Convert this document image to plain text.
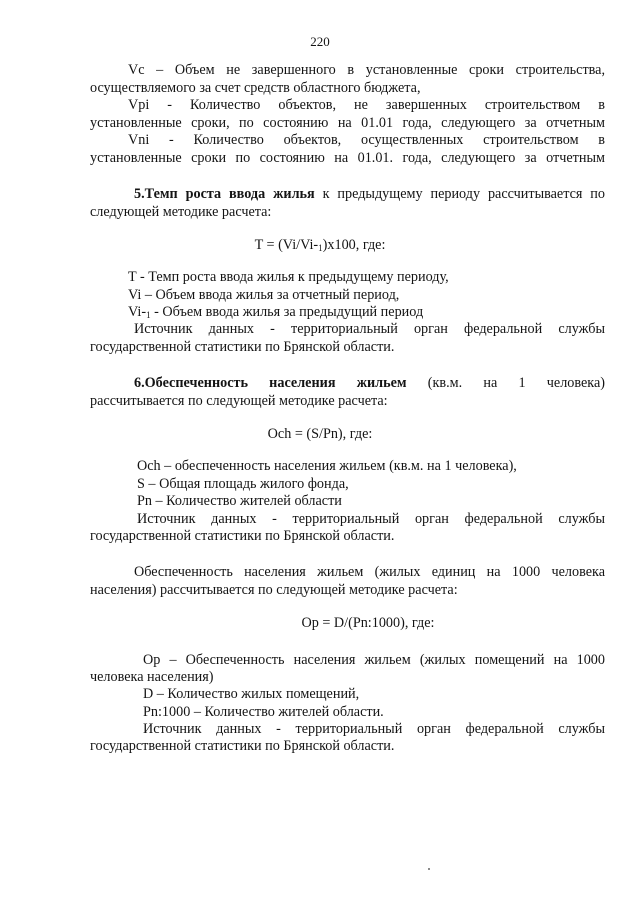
220
Vc – Объем не завершенного в установленные сроки строительства,
осуществляемого за счет средств областного бюджета,
Vpi - Количество объектов, не завершенных строительством в
установленные сроки, по состоянию на 01.01 года, следующего за отчетным
Vni - Количество объектов, осуществленных строительством в
установленные сроки по состоянию на 01.01. года, следующего за отчетным
5.Темп роста ввода жилья к предыдущему периоду рассчитывается по
следующей методике расчета:
$T = (Vi/Vi-_1)x100$, где:
T - Темп роста ввода жилья к предыдущему периоду,
Vi – Объем ввода жилья за отчетный период,
$Vi-_1$ - Объем ввода жилья за предыдущий период
Источник данных - территориальный орган федеральной службы
государственной статистики по Брянской области.
6.Обеспеченность населения жильем (кв.м. на 1 человека)
рассчитывается по следующей методике расчета:
Och = (S/Pn), где:
Och – обеспеченность населения жильем (кв.м. на 1 человека),
S – Общая площадь жилого фонда,
Pn – Количество жителей области
Источник данных - территориальный орган федеральной службы
государственной статистики по Брянской области.
Обеспеченность населения жильем (жилых единиц на 1000 человека
населения) рассчитывается по следующей методике расчета:
Op = D/(Pn:1000), где:
Op – Обеспеченность населения жильем (жилых помещений на 1000
человека населения)
D – Количество жилых помещений,
Pn:1000 – Количество жителей области.
Источник данных - территориальный орган федеральной службы
государственной статистики по Брянской области.
